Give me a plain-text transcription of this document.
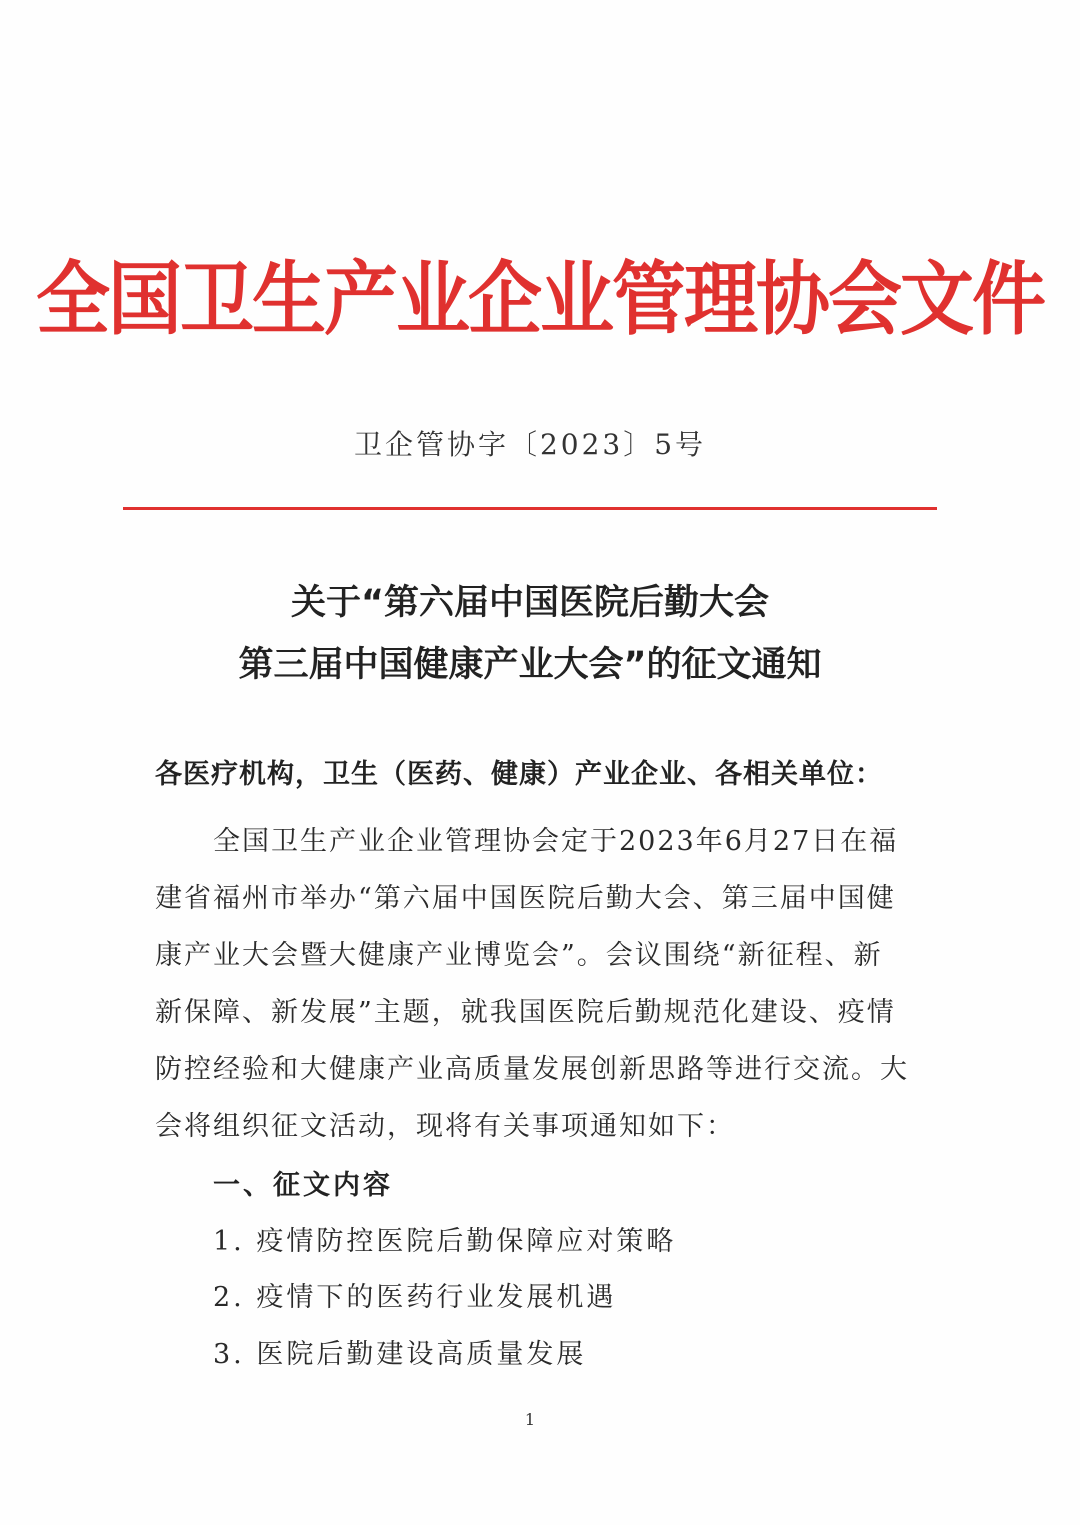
全国卫生产业企业管理协会文件
卫企管协字〔2023〕5号
关于“第六届中国医院后勤大会
第三届中国健康产业大会”的征文通知
各医疗机构，卫生（医药、健康）产业企业、各相关单位：
全国卫生产业企业管理协会定于2023年6月27日在福
建省福州市举办“第六届中国医院后勤大会、第三届中国健
康产业大会暨大健康产业博览会”。会议围绕“新征程、新
新保障、新发展”主题，就我国医院后勤规范化建设、疫情
防控经验和大健康产业高质量发展创新思路等进行交流。大
会将组织征文活动，现将有关事项通知如下：
一、征文内容
1. 疫情防控医院后勤保障应对策略
2. 疫情下的医药行业发展机遇
3. 医院后勤建设高质量发展
1
